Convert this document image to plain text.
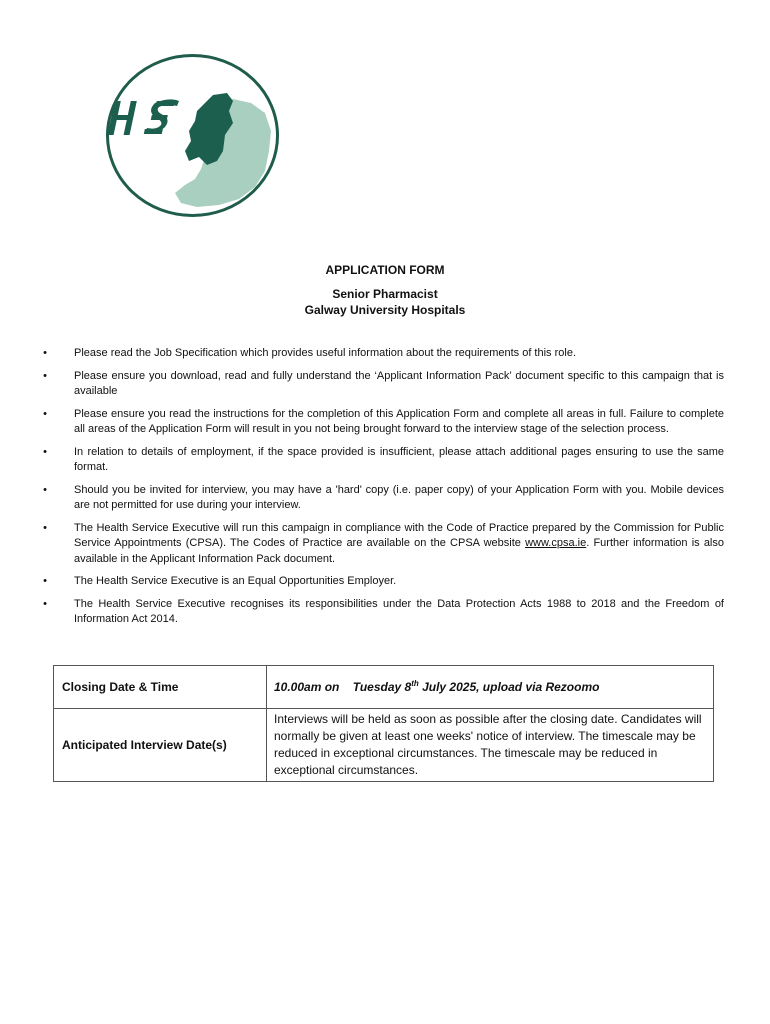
APPLICATION FORM
Senior Pharmacist
Galway University Hospitals
• Please read the Job Specification which provides useful information about the requirements of this role.
• Please ensure you download, read and fully understand the ‘Applicant Information Pack’ document specific to this campaign that is available
• Please ensure you read the instructions for the completion of this Application Form and complete all areas in full. Failure to complete all areas of the Application Form will result in you not being brought forward to the interview stage of the selection process.
• In relation to details of employment, if the space provided is insufficient, please attach additional pages ensuring to use the same format.
• Should you be invited for interview, you may have a 'hard' copy (i.e. paper copy) of your Application Form with you. Mobile devices are not permitted for use during your interview.
• The Health Service Executive will run this campaign in compliance with the Code of Practice prepared by the Commission for Public Service Appointments (CPSA). The Codes of Practice are available on the CPSA website www.cpsa.ie. Further information is also available in the Applicant Information Pack document.
• The Health Service Executive is an Equal Opportunities Employer.
• The Health Service Executive recognises its responsibilities under the Data Protection Acts 1988 to 2018 and the Freedom of Information Act 2014.
Closing Date & Time	10.00am on    Tuesday 8th July 2025, upload via Rezoomo
Anticipated Interview Date(s)	Interviews will be held as soon as possible after the closing date. Candidates will normally be given at least one weeks' notice of interview. The timescale may be reduced in exceptional circumstances. The timescale may be reduced in exceptional circumstances.
